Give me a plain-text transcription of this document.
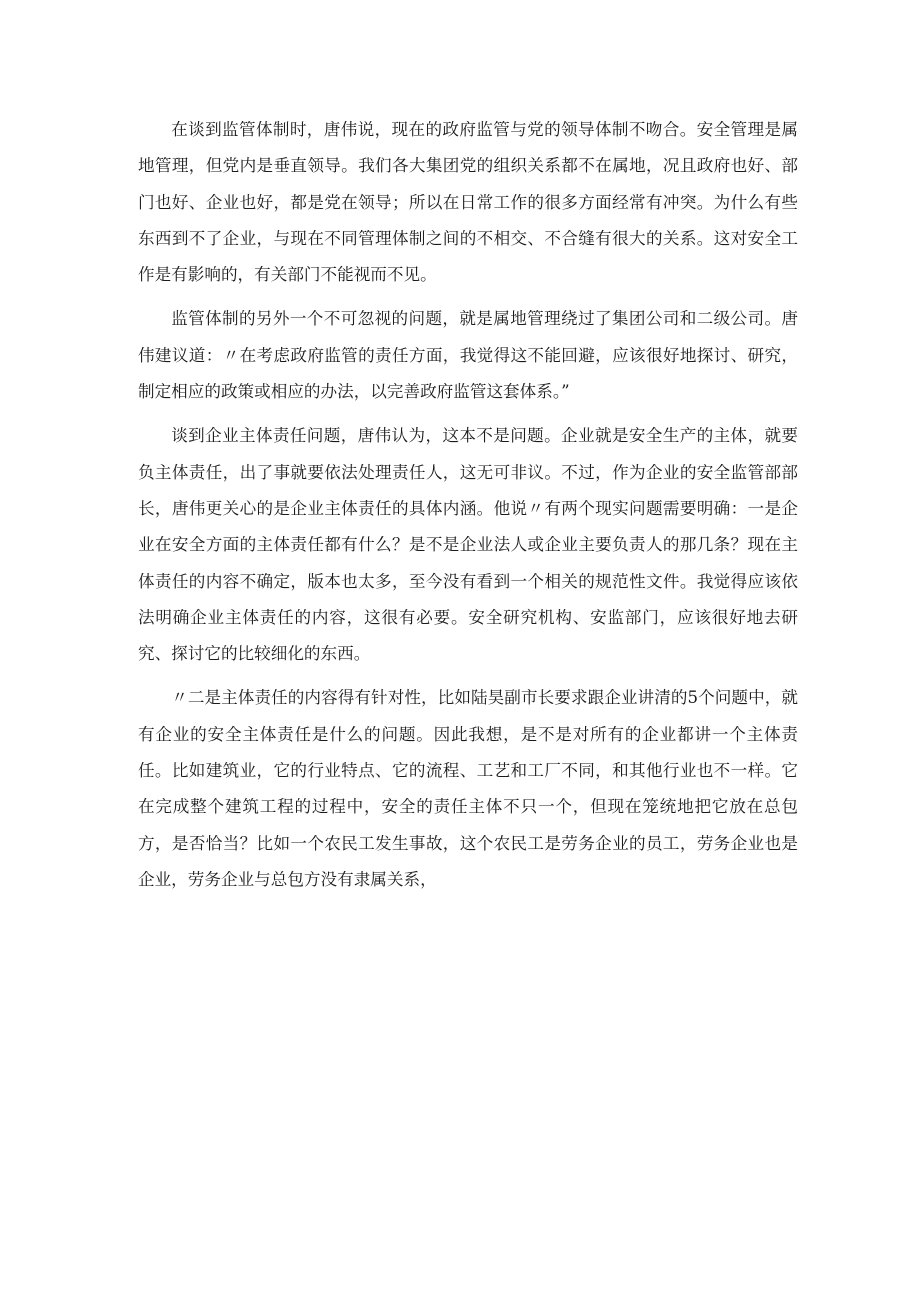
在谈到监管体制时，唐伟说，现在的政府监管与党的领导体制不吻合。安全管理是属地管理，但党内是垂直领导。我们各大集团党的组织关系都不在属地，况且政府也好、部门也好、企业也好，都是党在领导；所以在日常工作的很多方面经常有冲突。为什么有些东西到不了企业，与现在不同管理体制之间的不相交、不合缝有很大的关系。这对安全工作是有影响的，有关部门不能视而不见。

监管体制的另外一个不可忽视的问题，就是属地管理绕过了集团公司和二级公司。唐伟建议道：〃在考虑政府监管的责任方面，我觉得这不能回避，应该很好地探讨、研究，制定相应的政策或相应的办法，以完善政府监管这套体系。”

谈到企业主体责任问题，唐伟认为，这本不是问题。企业就是安全生产的主体，就要负主体责任，出了事就要依法处理责任人，这无可非议。不过，作为企业的安全监管部部长，唐伟更关心的是企业主体责任的具体内涵。他说〃有两个现实问题需要明确：一是企业在安全方面的主体责任都有什么？是不是企业法人或企业主要负责人的那几条？现在主体责任的内容不确定，版本也太多，至今没有看到一个相关的规范性文件。我觉得应该依法明确企业主体责任的内容，这很有必要。安全研究机构、安监部门，应该很好地去研究、探讨它的比较细化的东西。

〃二是主体责任的内容得有针对性，比如陆昊副市长要求跟企业讲清的5个问题中，就有企业的安全主体责任是什么的问题。因此我想，是不是对所有的企业都讲一个主体责任。比如建筑业，它的行业特点、它的流程、工艺和工厂不同，和其他行业也不一样。它在完成整个建筑工程的过程中，安全的责任主体不只一个，但现在笼统地把它放在总包方，是否恰当？比如一个农民工发生事故，这个农民工是劳务企业的员工，劳务企业也是企业，劳务企业与总包方没有隶属关系，
